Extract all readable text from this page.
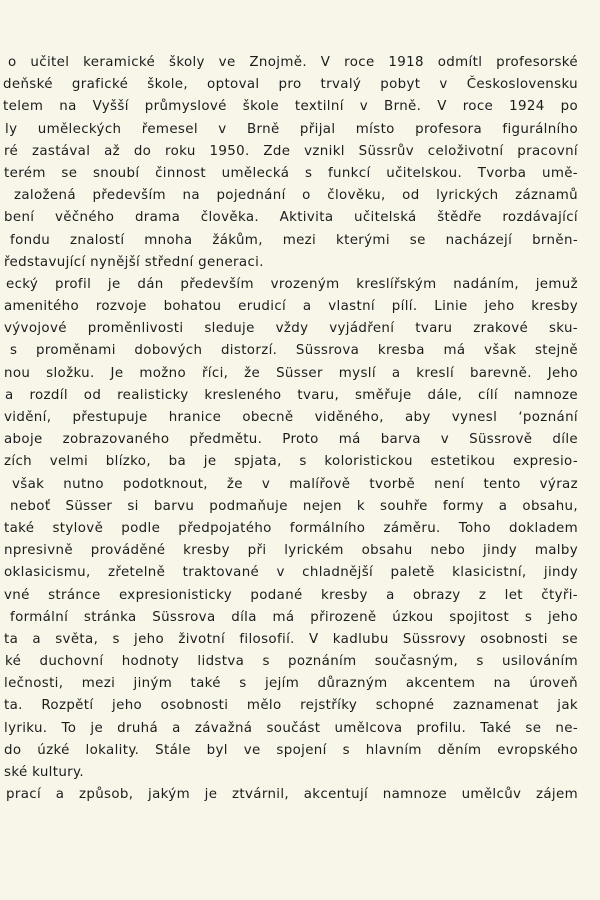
o učitel keramické školy ve Znojmě. V roce 1918 odmítl profesorské
deňské grafické škole, optoval pro trvalý pobyt v Československu
telem na Vyšší průmyslové škole textilní v Brně. V roce 1924 po
ly uměleckých řemesel v Brně přijal místo profesora figurálního
ré zastával až do roku 1950. Zde vznikl Süssrův celoživotní pracovní
terém se snoubí činnost umělecká s funkcí učitelskou. Tvorba umě-
založená především na pojednání o člověku, od lyrických záznamů
bení věčného drama člověka. Aktivita učitelská štědře rozdávající
fondu znalostí mnoha žákům, mezi kterými se nacházejí brněn-
ředstavující nynější střední generaci.
ecký profil je dán především vrozeným kreslířským nadáním, jemuž
amenitého rozvoje bohatou erudicí a vlastní pílí. Linie jeho kresby
vývojové proměnlivosti sleduje vždy vyjádření tvaru zrakové sku-
s proměnami dobových distorzí. Süssrova kresba má však stejně
nou složku. Je možno říci, že Süsser myslí a kreslí barevně. Jeho
a rozdíl od realisticky kresleného tvaru, směřuje dále, cílí namnoze
vidění, přestupuje hranice obecně viděného, aby vynesl ʻpoznání
aboje zobrazovaného předmětu. Proto má barva v Süssrově díle
zích velmi blízko, ba je spjata, s koloristickou estetikou expresio-
však nutno podotknout, že v malířově tvorbě není tento výraz
neboť Süsser si barvu podmaňuje nejen k souhře formy a obsahu,
také stylově podle předpojatého formálního záměru. Toho dokladem
npresivně prováděné kresby při lyrickém obsahu nebo jindy malby
oklasicismu, zřetelně traktované v chladnější paletě klasicistní, jindy
vné stránce expresionisticky podané kresby a obrazy z let čtyři-
formální stránka Süssrova díla má přirozeně úzkou spojitost s jeho
ta a světa, s jeho životní filosofií. V kadlubu Süssrovy osobnosti se
ké duchovní hodnoty lidstva s poznáním současným, s usilováním
lečnosti, mezi jiným také s jejím důrazným akcentem na úroveň
ta. Rozpětí jeho osobnosti mělo rejstříky schopné zaznamenat jak
lyriku. To je druhá a závažná součást umělcova profilu. Také se ne-
do úzké lokality. Stále byl ve spojení s hlavním děním evropského
ské kultury.
prací a způsob, jakým je ztvárnil, akcentují namnoze umělcův zájem
